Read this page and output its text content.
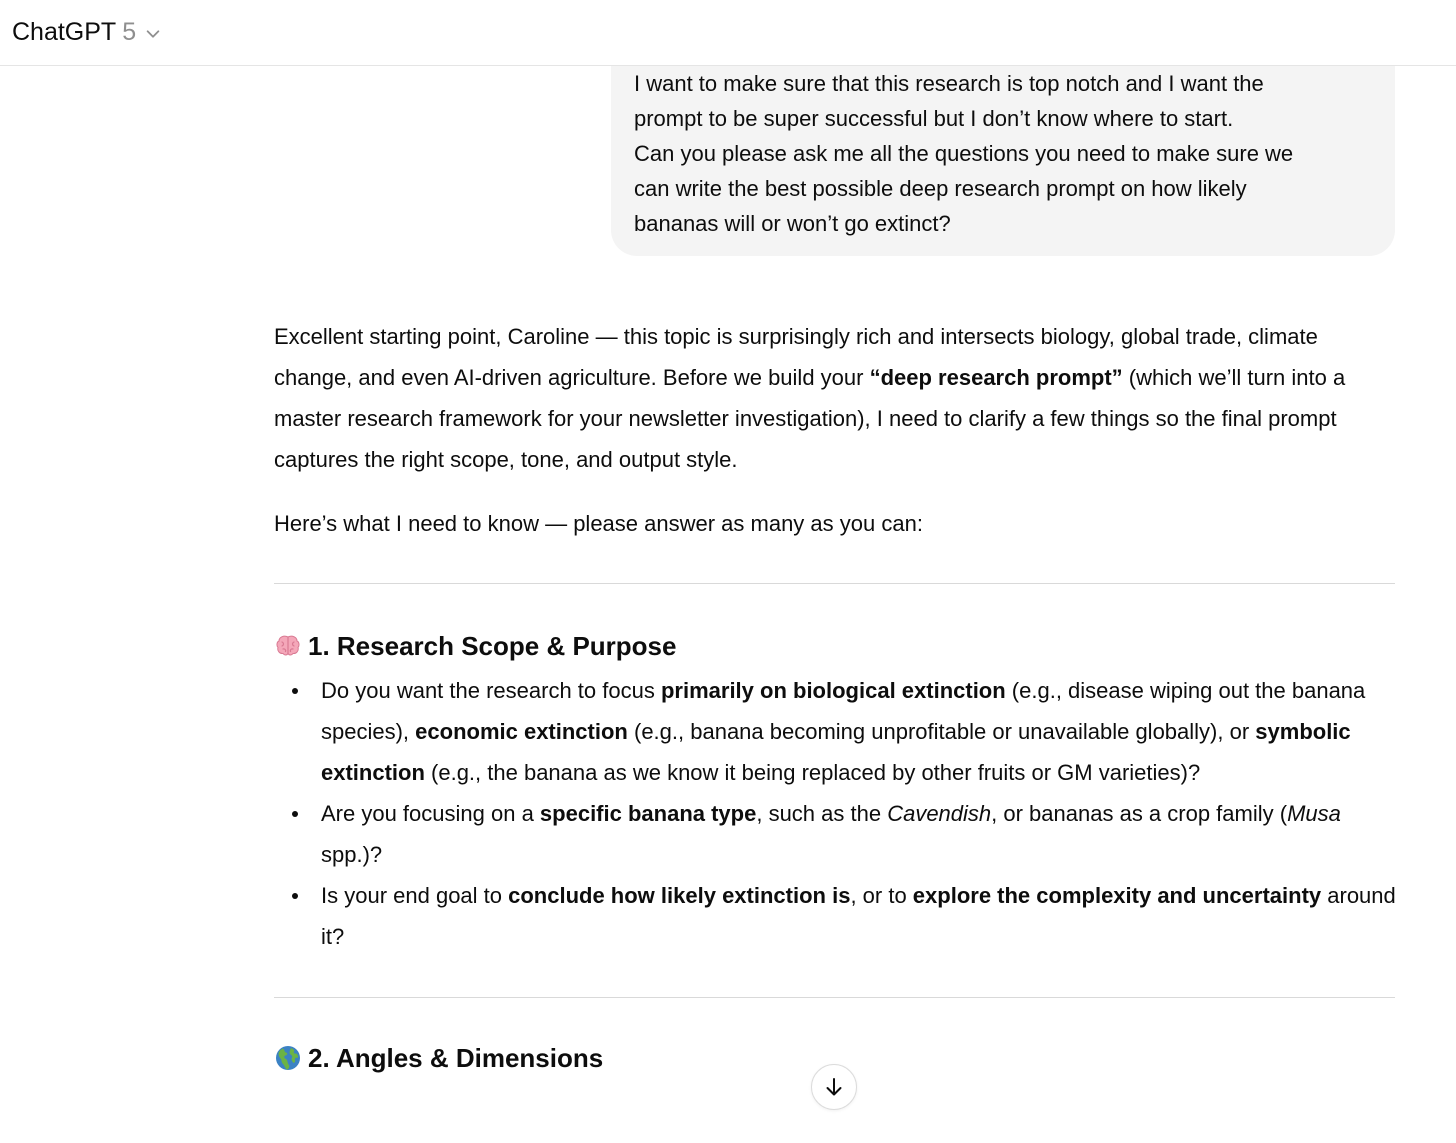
ChatGPT 5

I want to make sure that this research is top notch and I want the

prompt to be super successful but I don’t know where to start.

Can you please ask me all the questions you need to make sure we

can write the best possible deep research prompt on how likely

bananas will or won’t go extinct?

Excellent starting point, Caroline — this topic is surprisingly rich and intersects biology, global trade, climate change, and even AI-driven agriculture. Before we build your “deep research prompt” (which we’ll turn into a master research framework for your newsletter investigation), I need to clarify a few things so the final prompt captures the right scope, tone, and output style.

Here’s what I need to know — please answer as many as you can:

1. Research Scope & Purpose
Do you want the research to focus primarily on biological extinction (e.g., disease wiping out the banana species), economic extinction (e.g., banana becoming unprofitable or unavailable globally), or symbolic extinction (e.g., the banana as we know it being replaced by other fruits or GM varieties)?
Are you focusing on a specific banana type, such as the Cavendish, or bananas as a crop family (Musa spp.)?
Is your end goal to conclude how likely extinction is, or to explore the complexity and uncertainty around it?
2. Angles & Dimensions
